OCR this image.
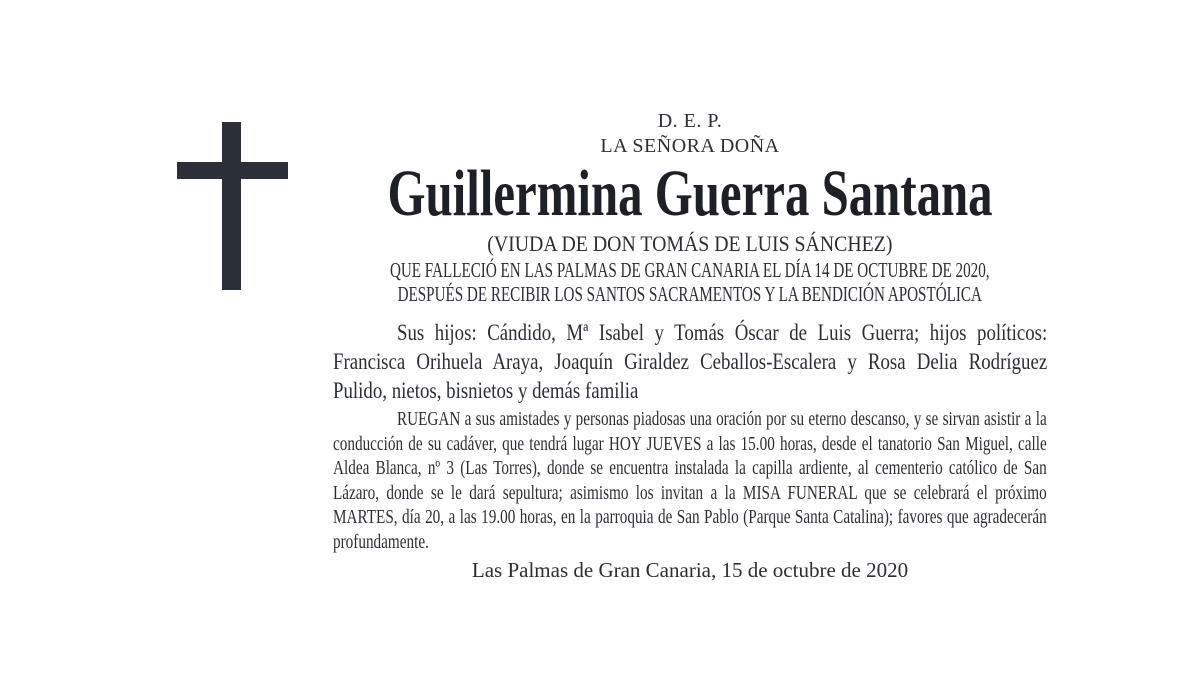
D. E. P.
LA SEÑORA DOÑA
Guillermina Guerra Santana
(VIUDA DE DON TOMÁS DE LUIS SÁNCHEZ)
QUE FALLECIÓ EN LAS PALMAS DE GRAN CANARIA EL DÍA 14 DE OCTUBRE DE 2020,
DESPUÉS DE RECIBIR LOS SANTOS SACRAMENTOS Y LA BENDICIÓN APOSTÓLICA
Sus hijos: Cándido, Mª Isabel y Tomás Óscar de Luis Guerra; hijos políticos: Francisca Orihuela Araya, Joaquín Giraldez Ceballos-Escalera y Rosa Delia Rodríguez Pulido, nietos, bisnietos y demás familia
RUEGAN a sus amistades y personas piadosas una oración por su eterno descanso, y se sirvan asistir a la conducción de su cadáver, que tendrá lugar HOY JUEVES a las 15.00 horas, desde el tanatorio San Miguel, calle Aldea Blanca, nº 3 (Las Torres), donde se encuentra instalada la capilla ardiente, al cementerio católico de San Lázaro, donde se le dará sepultura; asimismo los invitan a la MISA FUNERAL que se celebrará el próximo MARTES, día 20, a las 19.00 horas, en la parroquia de San Pablo (Parque Santa Catalina); favores que agradecerán profundamente.
Las Palmas de Gran Canaria, 15 de octubre de 2020
